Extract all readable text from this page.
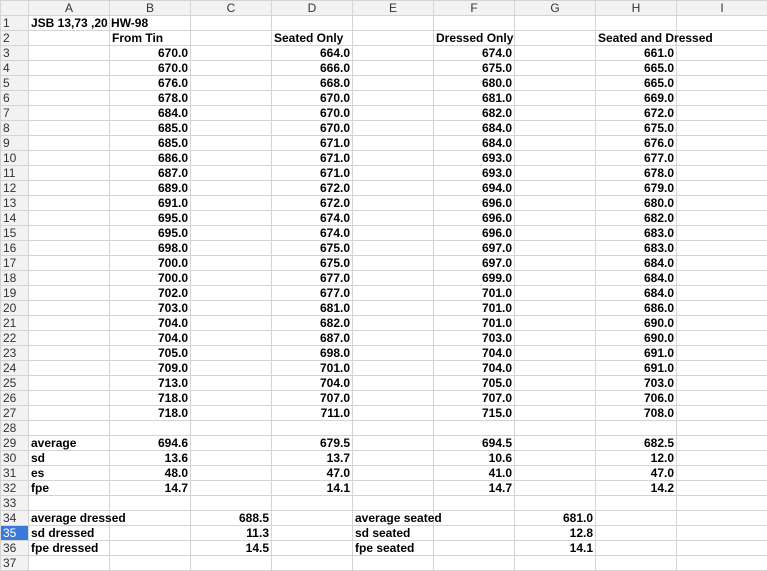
	A	B	C	D	E	F	G	H	I
1	JSB 13,73 ,20 HW-98								

2		From Tin		Seated Only		Dressed Only		Seated and Dressed	
3		670.0		664.0		674.0		661.0	
4		670.0		666.0		675.0		665.0	
5		676.0		668.0		680.0		665.0	
6		678.0		670.0		681.0		669.0	
7		684.0		670.0		682.0		672.0	
8		685.0		670.0		684.0		675.0	
9		685.0		671.0		684.0		676.0	
10		686.0		671.0		693.0		677.0	
11		687.0		671.0		693.0		678.0	
12		689.0		672.0		694.0		679.0	
13		691.0		672.0		696.0		680.0	
14		695.0		674.0		696.0		682.0	
15		695.0		674.0		696.0		683.0	
16		698.0		675.0		697.0		683.0	
17		700.0		675.0		697.0		684.0	
18		700.0		677.0		699.0		684.0	
19		702.0		677.0		701.0		684.0	
20		703.0		681.0		701.0		686.0	
21		704.0		682.0		701.0		690.0	
22		704.0		687.0		703.0		690.0	
23		705.0		698.0		704.0		691.0	
24		709.0		701.0		704.0		691.0	
25		713.0		704.0		705.0		703.0	
26		718.0		707.0		707.0		706.0	
27		718.0		711.0		715.0		708.0	
28									
29	average	694.6		679.5		694.5		682.5	
30	sd	13.6		13.7		10.6		12.0	
31	es	48.0		47.0		41.0		47.0	
32	fpe	14.7		14.1		14.7		14.2	
33									
34	average dressed		688.5		average seated		681.0		
35	sd dressed		11.3		sd seated		12.8		
36	fpe dressed		14.5		fpe seated		14.1		
37									
